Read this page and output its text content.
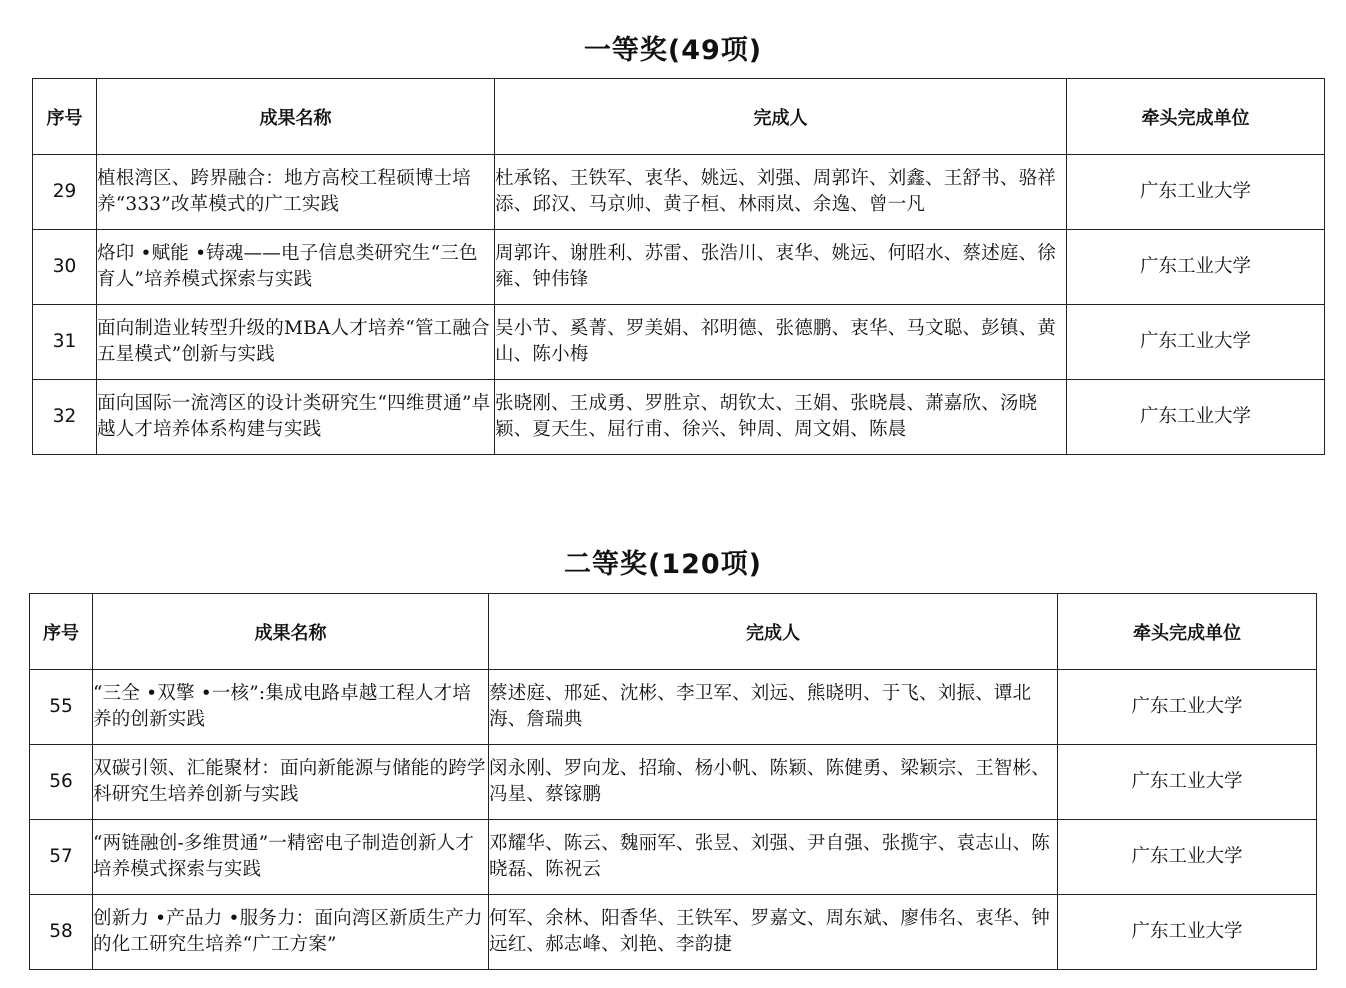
一等奖(49项)
序号	成果名称	完成人	牵头完成单位
29	植根湾区、跨界融合：地方高校工程硕博士培养“333”改革模式的广工实践	杜承铭、王铁军、衷华、姚远、刘强、周郭许、刘鑫、王舒书、骆祥添、邱汉、马京帅、黄子桓、林雨岚、余逸、曾一凡	广东工业大学
30	烙印 •赋能 •铸魂——电子信息类研究生“三色育人”培养模式探索与实践	周郭许、谢胜利、苏雷、张浩川、衷华、姚远、何昭水、蔡述庭、徐雍、钟伟锋	广东工业大学
31	面向制造业转型升级的MBA人才培养“管工融合五星模式”创新与实践	吴小节、奚菁、罗美娟、祁明德、张德鹏、衷华、马文聪、彭镇、黄山、陈小梅	广东工业大学
32	面向国际一流湾区的设计类研究生“四维贯通”卓越人才培养体系构建与实践	张晓刚、王成勇、罗胜京、胡钦太、王娟、张晓晨、萧嘉欣、汤晓颖、夏天生、屈行甫、徐兴、钟周、周文娟、陈晨	广东工业大学
二等奖(120项)
序号	成果名称	完成人	牵头完成单位
55	“三全 •双擎 •一核”:集成电路卓越工程人才培养的创新实践	蔡述庭、邢延、沈彬、李卫军、刘远、熊晓明、于飞、刘振、谭北海、詹瑞典	广东工业大学
56	双碳引领、汇能聚材：面向新能源与储能的跨学科研究生培养创新与实践	闵永刚、罗向龙、招瑜、杨小帆、陈颖、陈健勇、梁颖宗、王智彬、冯星、蔡镓鹏	广东工业大学
57	“两链融创-多维贯通”一精密电子制造创新人才培养模式探索与实践	邓耀华、陈云、魏丽军、张昱、刘强、尹自强、张揽宇、袁志山、陈晓磊、陈祝云	广东工业大学
58	创新力 •产品力 •服务力：面向湾区新质生产力的化工研究生培养“广工方案”	何军、余林、阳香华、王铁军、罗嘉文、周东斌、廖伟名、衷华、钟远红、郝志峰、刘艳、李韵捷	广东工业大学
